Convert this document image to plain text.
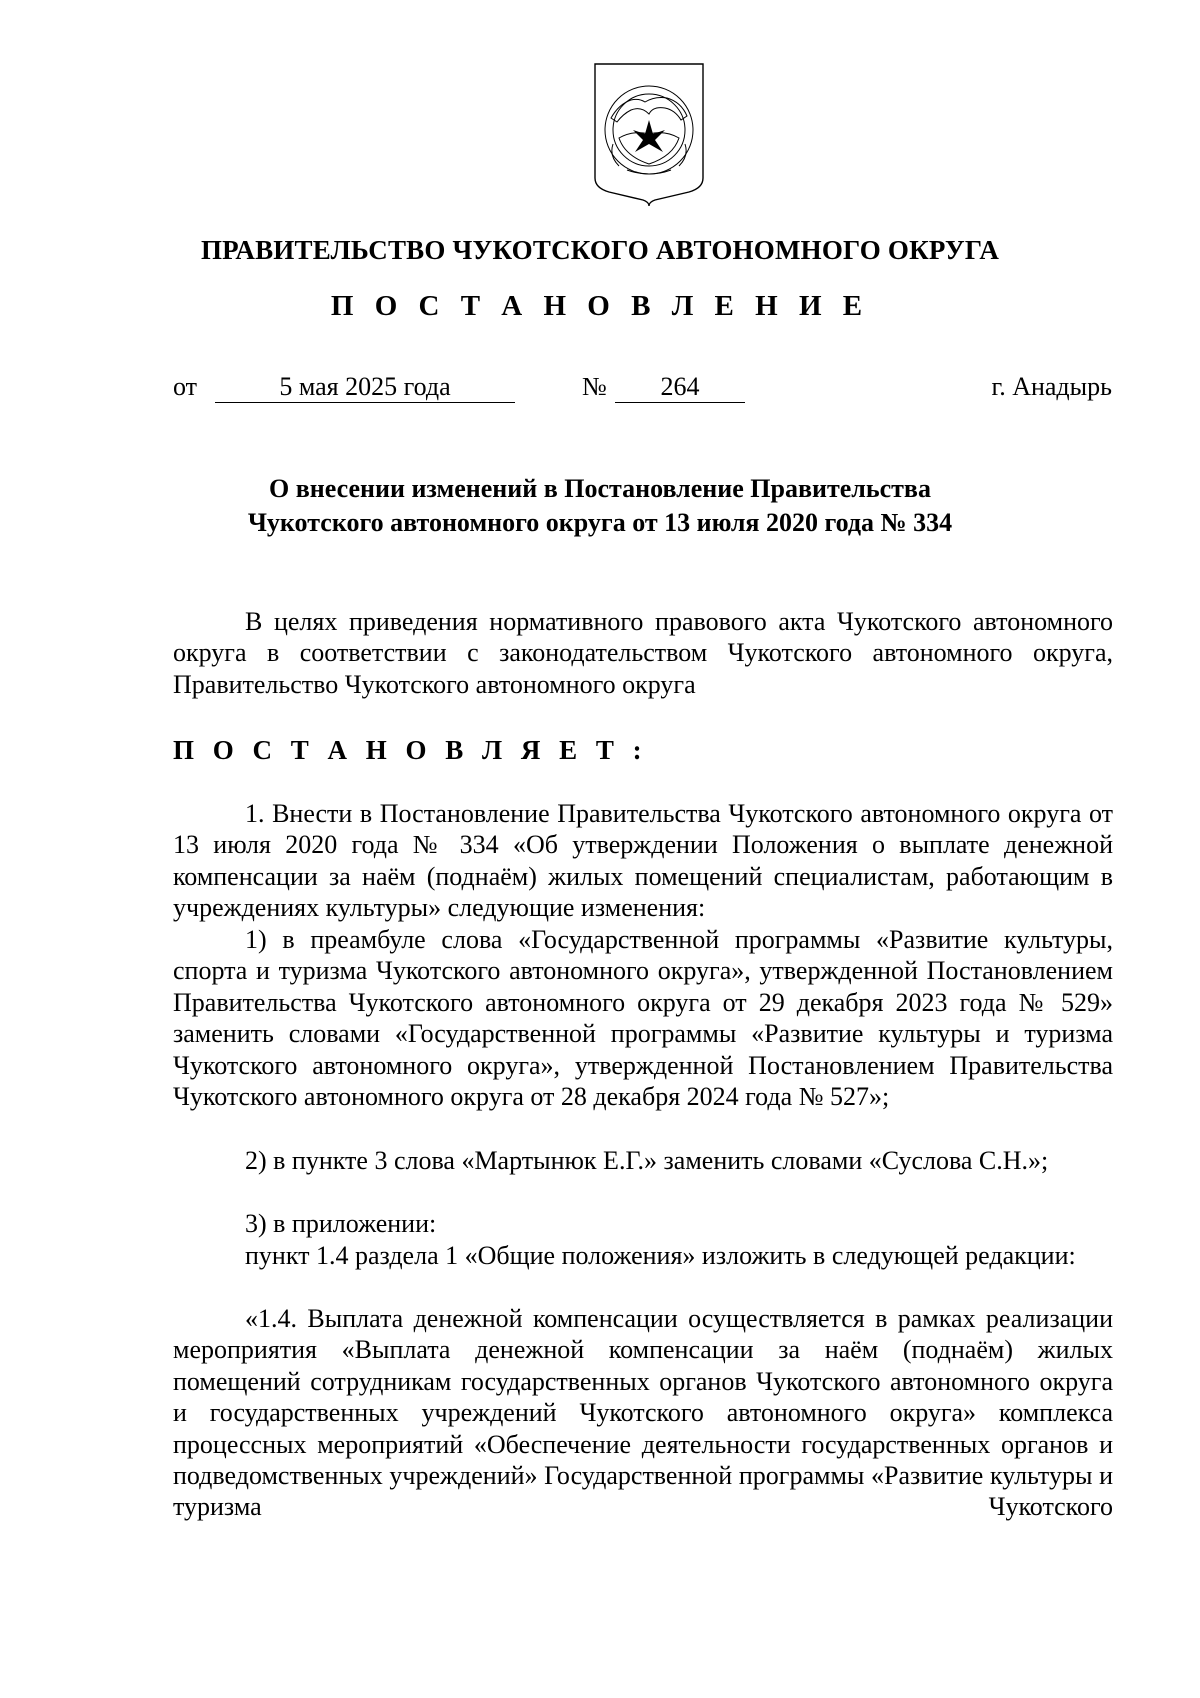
ПРАВИТЕЛЬСТВО ЧУКОТСКОГО АВТОНОМНОГО ОКРУГА
П О С Т А Н О В Л Е Н И Е
от	5 мая 2025 года	№	264	г. Анадырь
О внесении изменений в Постановление Правительства
Чукотского автономного округа от 13 июля 2020 года № 334
В целях приведения нормативного правового акта Чукотского автономного округа в соответствии с законодательством Чукотского автономного округа, Правительство Чукотского автономного округа
П О С Т А Н О В Л Я Е Т :
1. Внести в Постановление Правительства Чукотского автономного округа от 13 июля 2020 года № 334 «Об утверждении Положения о выплате денежной компенсации за наём (поднаём) жилых помещений специалистам, работающим в учреждениях культуры» следующие изменения:
1) в преамбуле слова «Государственной программы «Развитие культуры, спорта и туризма Чукотского автономного округа», утвержденной Постановлением Правительства Чукотского автономного округа от 29 декабря 2023 года № 529» заменить словами «Государственной программы «Развитие культуры и туризма Чукотского автономного округа», утвержденной Постановлением Правительства Чукотского автономного округа от 28 декабря 2024 года № 527»;
2) в пункте 3 слова «Мартынюк Е.Г.» заменить словами «Суслова С.Н.»;
3) в приложении:
пункт 1.4 раздела 1 «Общие положения» изложить в следующей редакции:
«1.4. Выплата денежной компенсации осуществляется в рамках реализации мероприятия «Выплата денежной компенсации за наём (поднаём) жилых помещений сотрудникам государственных органов Чукотского автономного округа и государственных учреждений Чукотского автономного округа» комплекса процессных мероприятий «Обеспечение деятельности государственных органов и подведомственных учреждений» Государственной программы «Развитие культуры и туризма Чукотского
